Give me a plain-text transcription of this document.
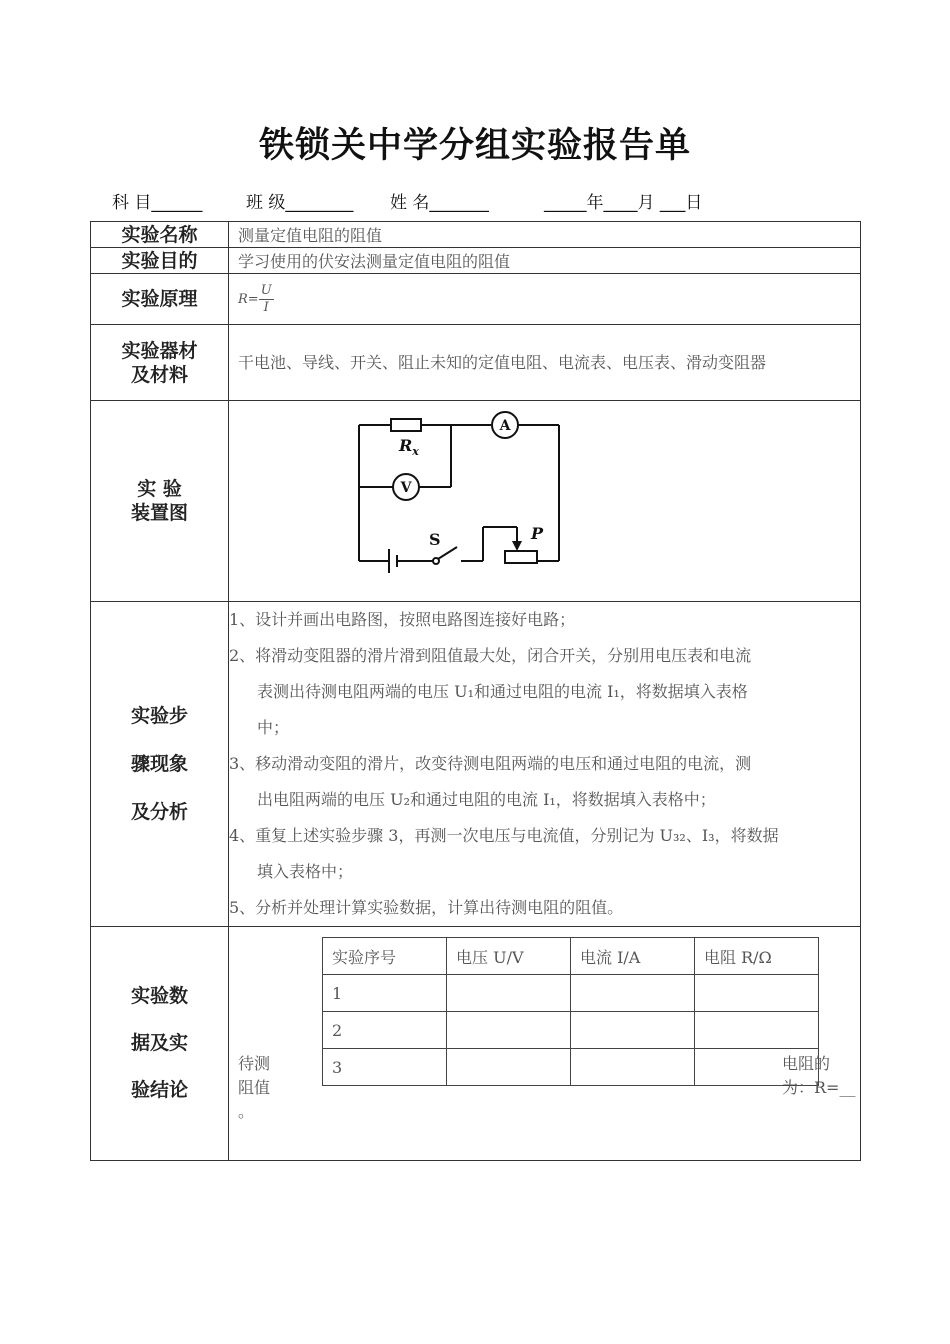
铁锁关中学分组实验报告单
科 目______	班 级________ 姓 名_______	_____年____月 ___日
实验名称	测量定值电阻的阻值
实验目的	学习使用的伏安法测量定值电阻的阻值
实验原理	$R= \frac{U}{I}$

实验器材
及材料
	干电池、导线、开关、阻止未知的定值电阻、电流表、电压表、滑动变阻器

实 验
装置图

$R_x$
A
V
S	P

实验步
骤现象
及分析

1、设计并画出电路图，按照电路图连接好电路；
2、将滑动变阻器的滑片滑到阻值最大处，闭合开关，分别用电压表和电流
表测出待测电阻两端的电压 U₁和通过电阻的电流 I₁，将数据填入表格
中；
3、移动滑动变阻的滑片，改变待测电阻两端的电压和通过电阻的电流，测
出电阻两端的电压 U₂和通过电阻的电流 I₁，将数据填入表格中；
4、重复上述实验步骤 3，再测一次电压与电流值，分别记为 U₃₂、I₃，将数据
填入表格中；
5、分析并处理计算实验数据，计算出待测电阻的阻值。

实验数
据及实
验结论

实验序号	电压 U/V	电流 I/A	电阻 R/Ω
1			
2			
3			
待测
阻值
。
电阻的
为：R=__
